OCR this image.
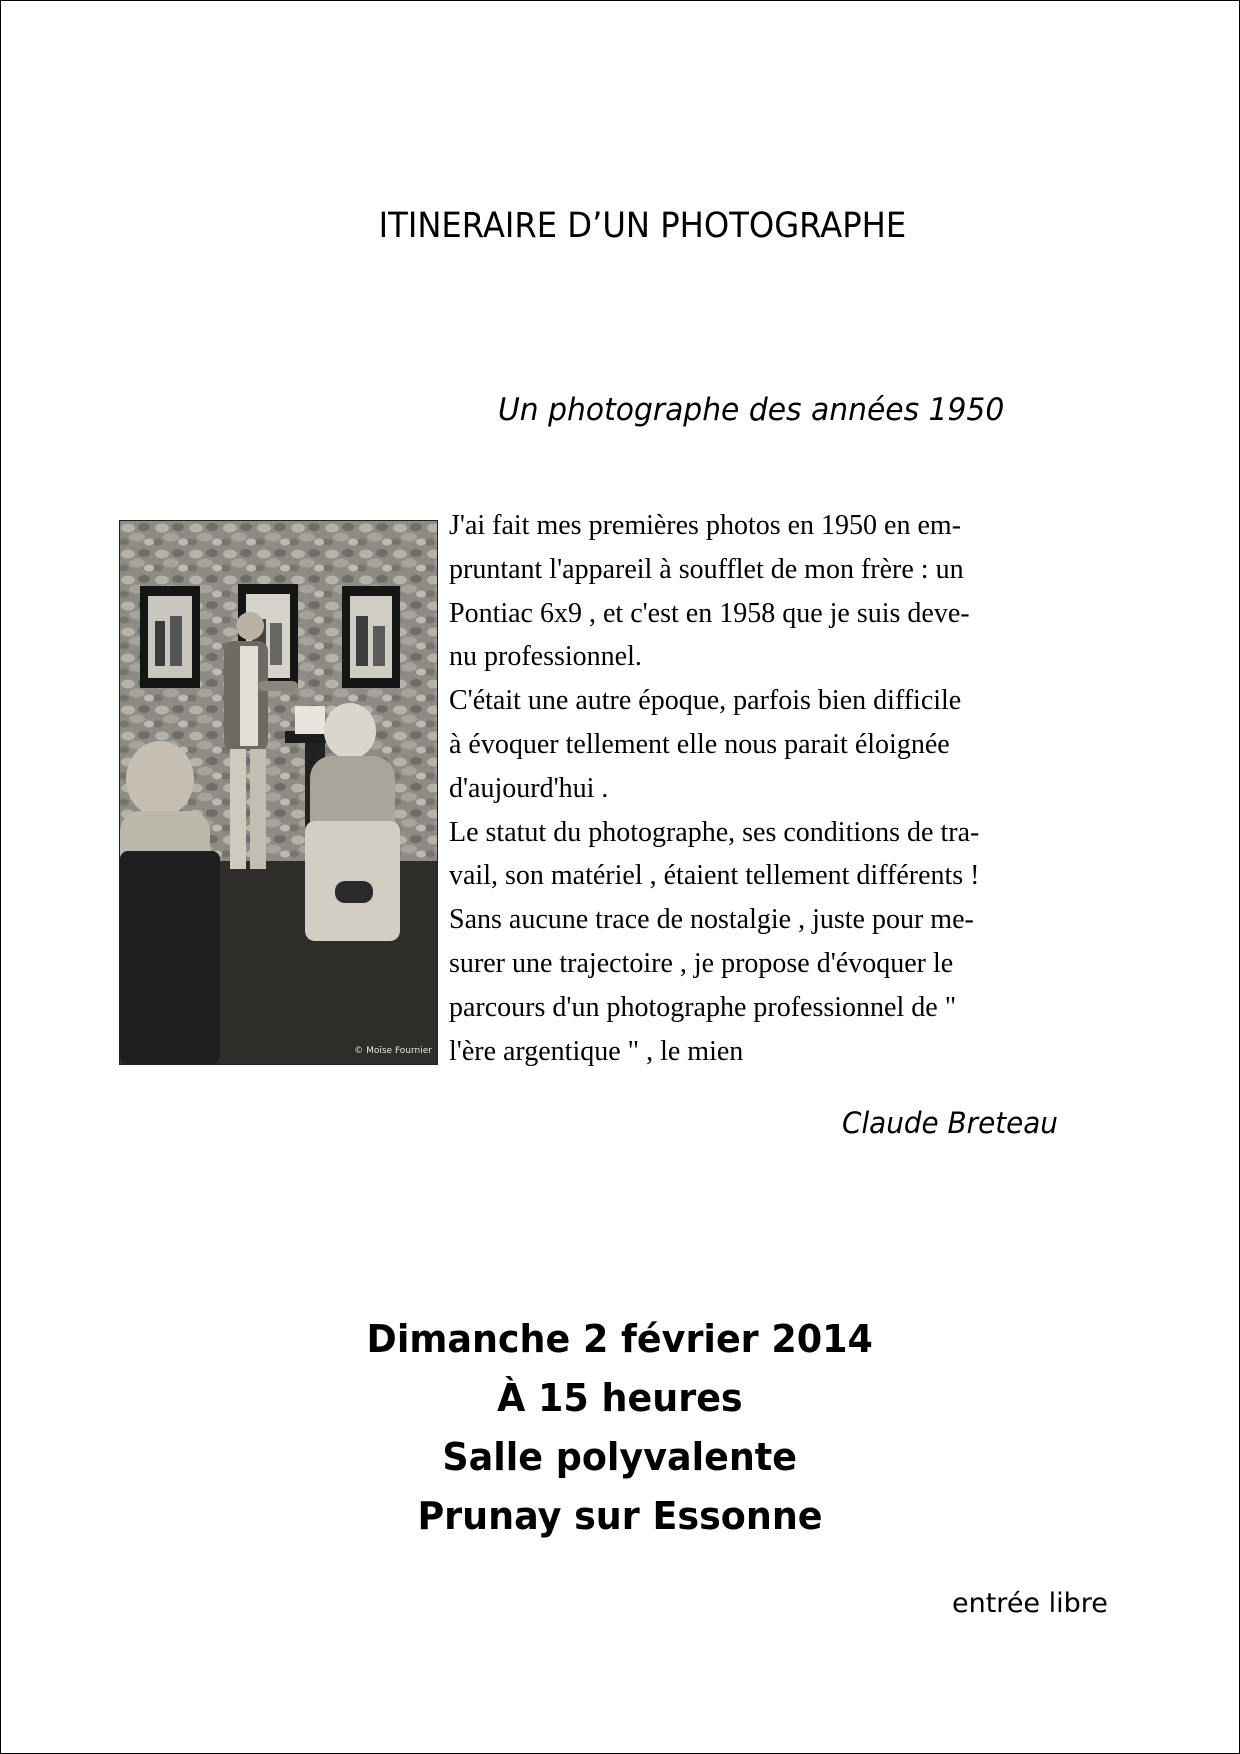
ITINERAIRE D’UN PHOTOGRAPHE
Un photographe des années 1950
© Moïse Fournier
J'ai fait mes premières photos en 1950 en em-
pruntant l'appareil à soufflet de mon frère : un
Pontiac 6x9 , et c'est en 1958 que je suis deve-
nu professionnel.
C'était une autre époque, parfois bien difficile
à évoquer tellement elle nous parait éloignée
d'aujourd'hui .
Le statut du photographe, ses conditions de tra-
vail, son matériel , étaient tellement différents !
Sans aucune trace de nostalgie , juste pour me-
surer une trajectoire , je propose d'évoquer le
parcours d'un photographe professionnel de "
l'ère argentique " , le mien
Claude Breteau
Dimanche 2 février 2014
À 15 heures
Salle polyvalente
Prunay sur Essonne
entrée libre
